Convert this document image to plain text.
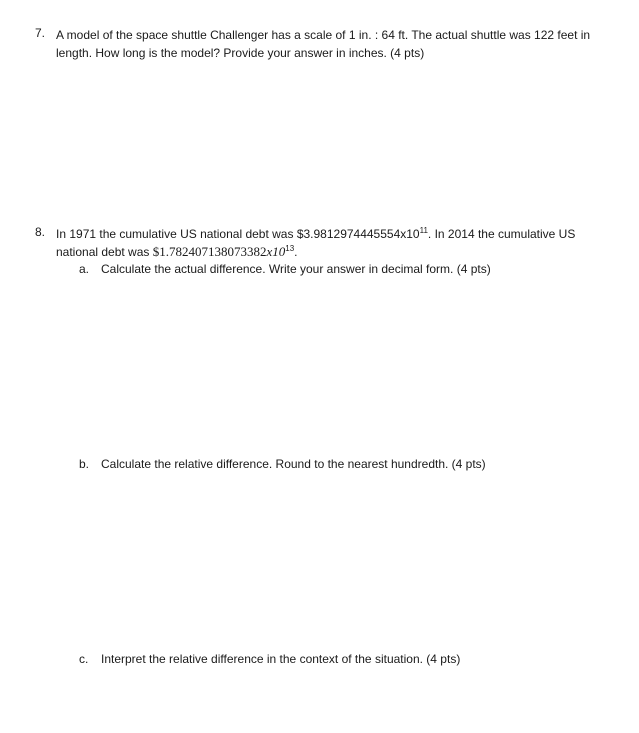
7. A model of the space shuttle Challenger has a scale of 1 in. : 64 ft. The actual shuttle was 122 feet in
length. How long is the model? Provide your answer in inches. (4 pts)
8. In 1971 the cumulative US national debt was $\$3.9812974445554x10^{11}$. In 2014 the cumulative US
national debt was $\$1.782407138073382x10^{13}$.
a. Calculate the actual difference. Write your answer in decimal form. (4 pts)
b. Calculate the relative difference. Round to the nearest hundredth. (4 pts)
c. Interpret the relative difference in the context of the situation. (4 pts)
